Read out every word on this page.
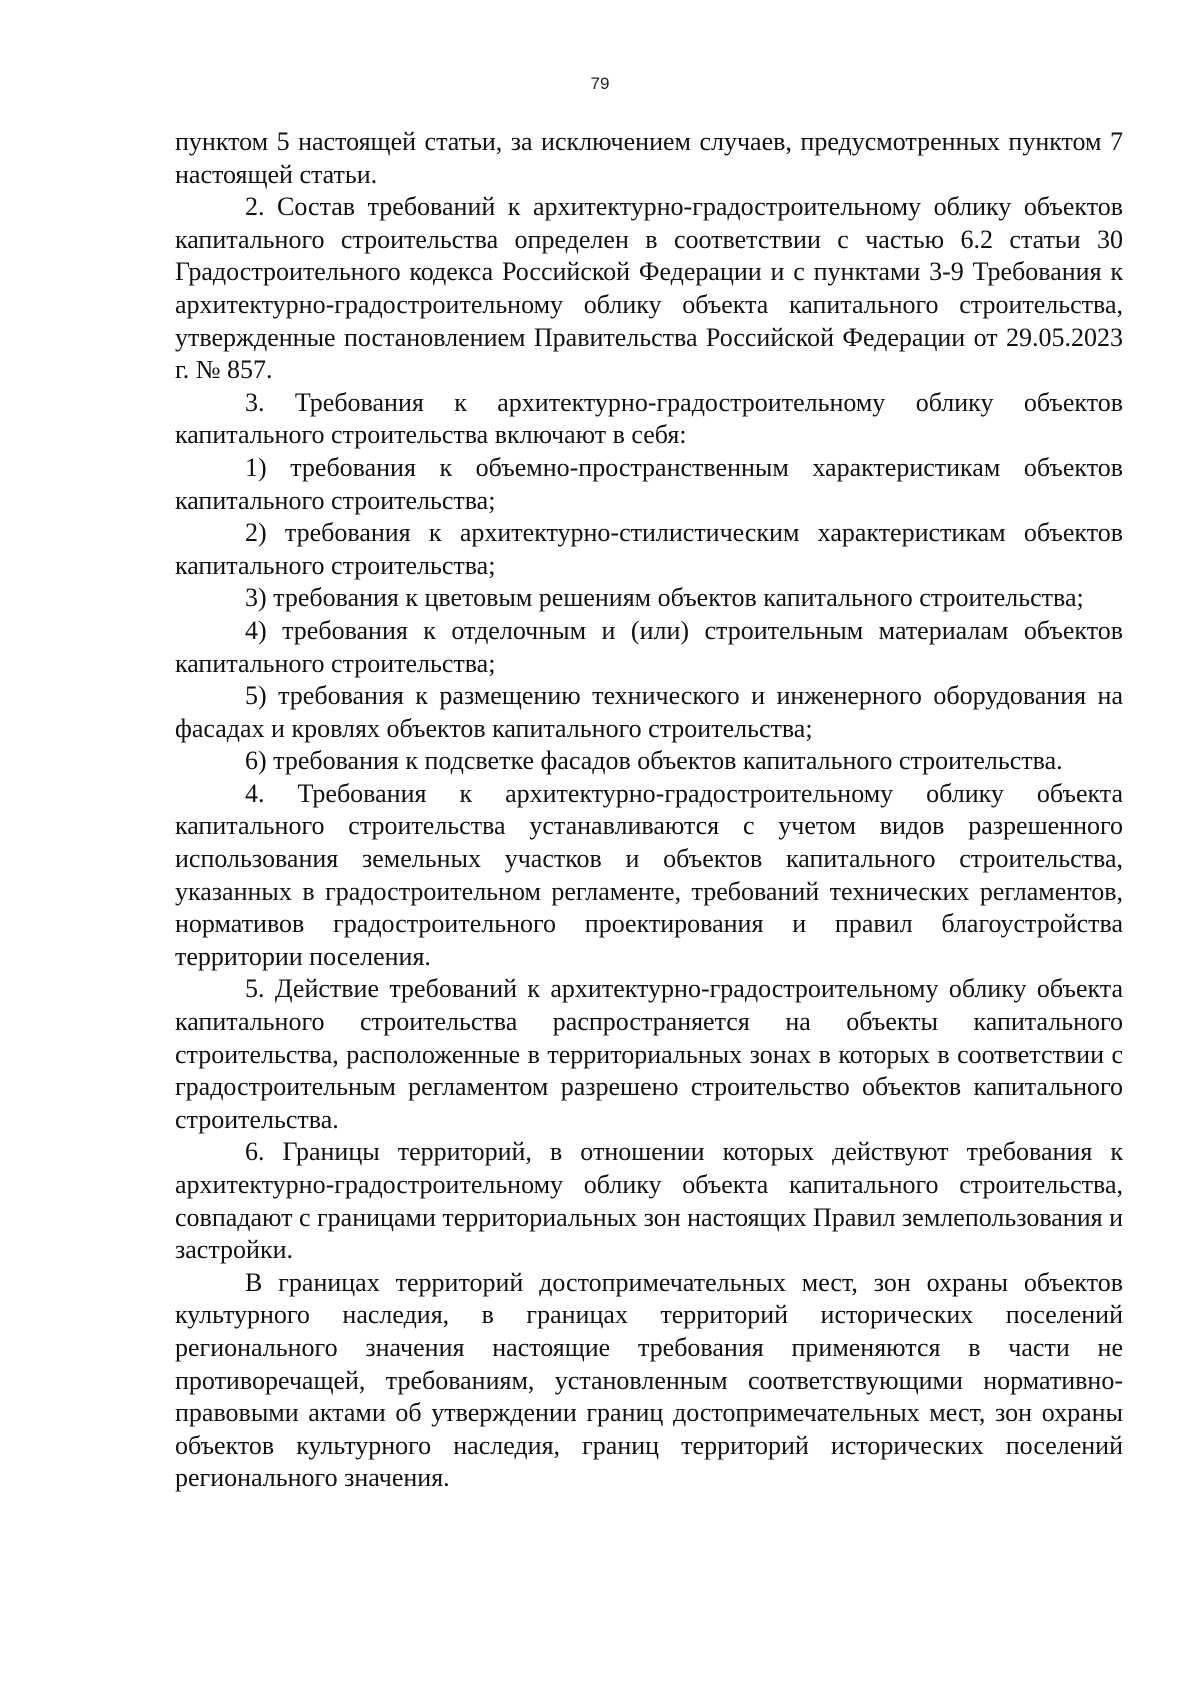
79

пунктом 5 настоящей статьи, за исключением случаев, предусмотренных пунктом 7 настоящей статьи.

2. Состав требований к архитектурно-градостроительному облику объектов капитального строительства определен в соответствии с частью 6.2 статьи 30 Градостроительного кодекса Российской Федерации и с пунктами 3-9 Требования к архитектурно-градостроительному облику объекта капитального строительства, утвержденные постановлением Правительства Российской Федерации от 29.05.2023 г. № 857.

3. Требования к архитектурно-градостроительному облику объектов капитального строительства включают в себя:

1) требования к объемно-пространственным характеристикам объектов капитального строительства;

2) требования к архитектурно-стилистическим характеристикам объектов капитального строительства;

3) требования к цветовым решениям объектов капитального строительства;

4) требования к отделочным и (или) строительным материалам объектов капитального строительства;

5) требования к размещению технического и инженерного оборудования на фасадах и кровлях объектов капитального строительства;

6) требования к подсветке фасадов объектов капитального строительства.

4. Требования к архитектурно-градостроительному облику объекта капитального строительства устанавливаются с учетом видов разрешенного использования земельных участков и объектов капитального строительства, указанных в градостроительном регламенте, требований технических регламентов, нормативов градостроительного проектирования и правил благоустройства территории поселения.

5. Действие требований к архитектурно-градостроительному облику объекта капитального строительства распространяется на объекты капитального строительства, расположенные в территориальных зонах в которых в соответствии с градостроительным регламентом разрешено строительство объектов капитального строительства.

6. Границы территорий, в отношении которых действуют требования к архитектурно-градостроительному облику объекта капитального строительства, совпадают с границами территориальных зон настоящих Правил землепользования и застройки.

В границах территорий достопримечательных мест, зон охраны объектов культурного наследия, в границах территорий исторических поселений регионального значения настоящие требования применяются в части не противоречащей, требованиям, установленным соответствующими нормативно-правовыми актами об утверждении границ достопримечательных мест, зон охраны объектов культурного наследия, границ территорий исторических поселений регионального значения.
